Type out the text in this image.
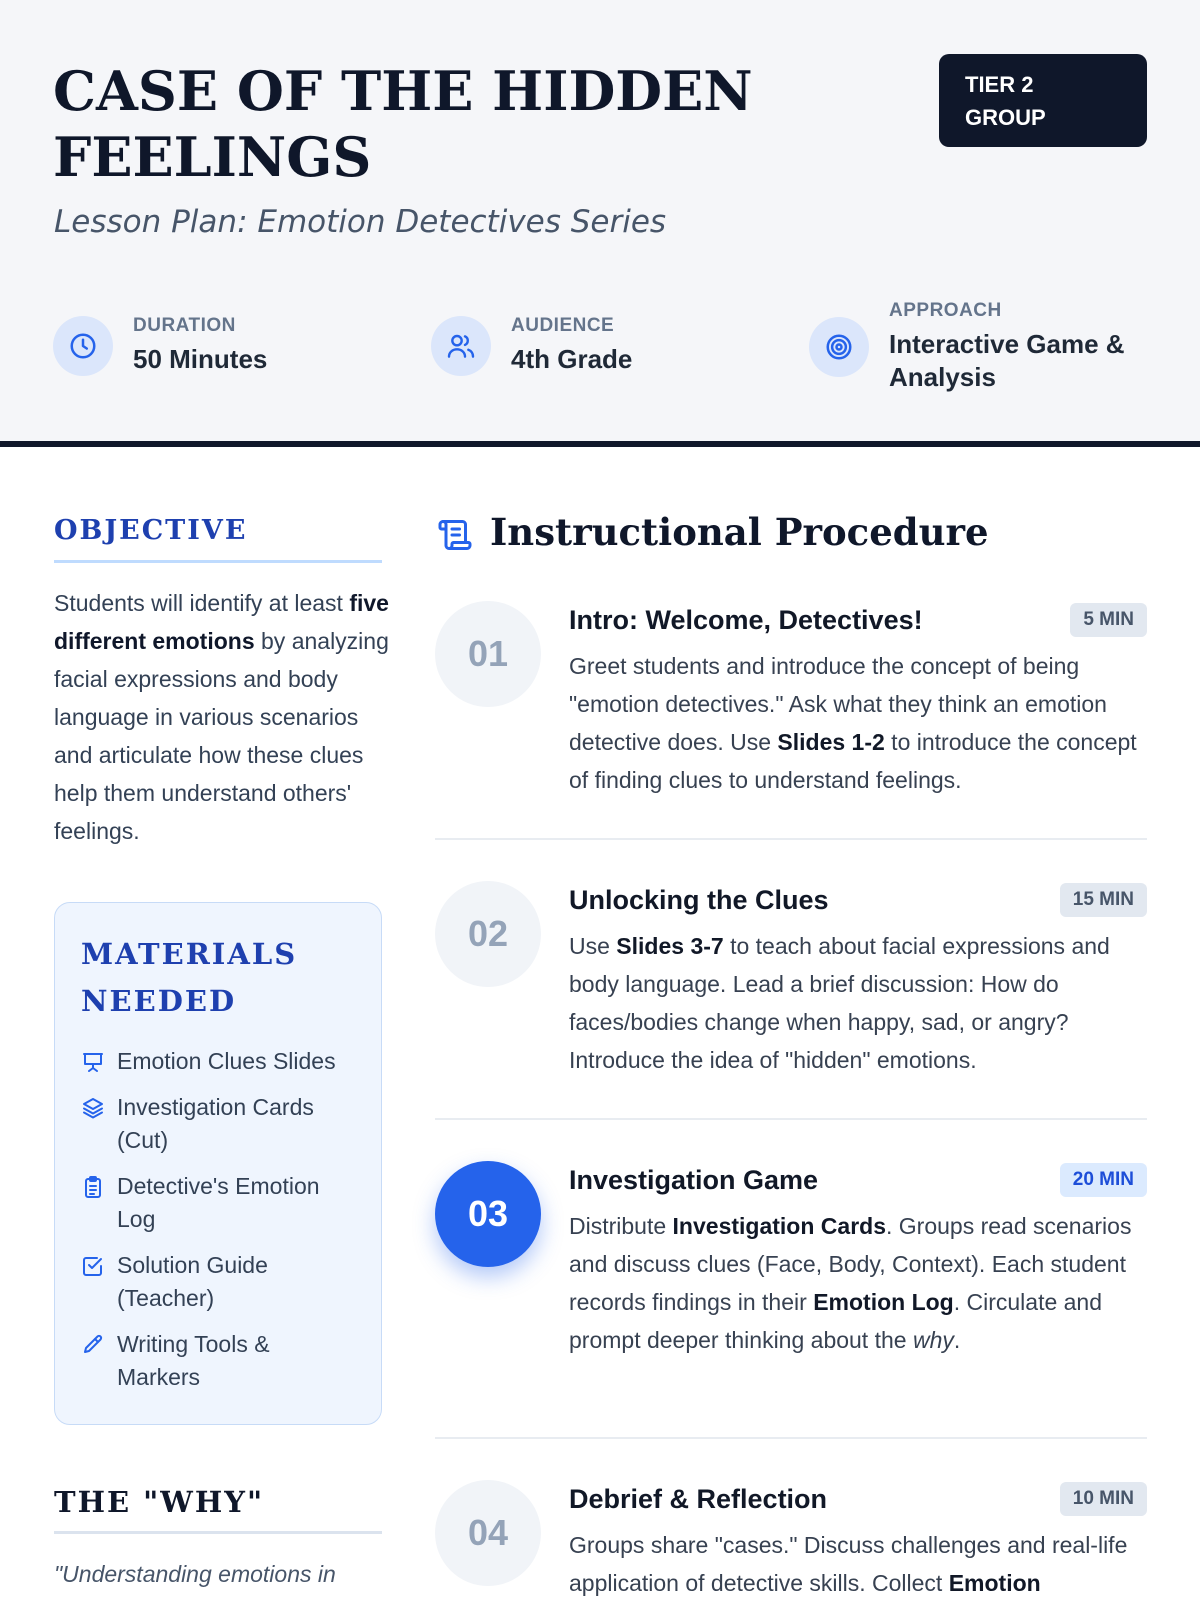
CASE OF THE HIDDEN
FEELINGS
Lesson Plan: Emotion Detectives Series
TIER 2
GROUP
DURATION
50 Minutes
AUDIENCE
4th Grade
APPROACH
Interactive Game & Analysis
OBJECTIVE

Students will identify at least five different emotions by analyzing facial expressions and body language in various scenarios and articulate how these clues help them understand others' feelings.

MATERIALS NEEDED
Emotion Clues Slides
Investigation Cards (Cut)
Detective's Emotion Log
Solution Guide (Teacher)
Writing Tools & Markers
THE "WHY"

"Understanding emotions in

Instructional Procedure
01
Intro: Welcome, Detectives!	5 MIN

Greet students and introduce the concept of being "emotion detectives." Ask what they think an emotion detective does. Use Slides 1-2 to introduce the concept of finding clues to understand feelings.

02
Unlocking the Clues	15 MIN

Use Slides 3-7 to teach about facial expressions and body language. Lead a brief discussion: How do faces/bodies change when happy, sad, or angry? Introduce the idea of "hidden" emotions.

03
Investigation Game	20 MIN

Distribute Investigation Cards. Groups read scenarios and discuss clues (Face, Body, Context). Each student records findings in their Emotion Log. Circulate and prompt deeper thinking about the why.

04
Debrief & Reflection	10 MIN

Groups share "cases." Discuss challenges and real-life application of detective skills. Collect Emotion
